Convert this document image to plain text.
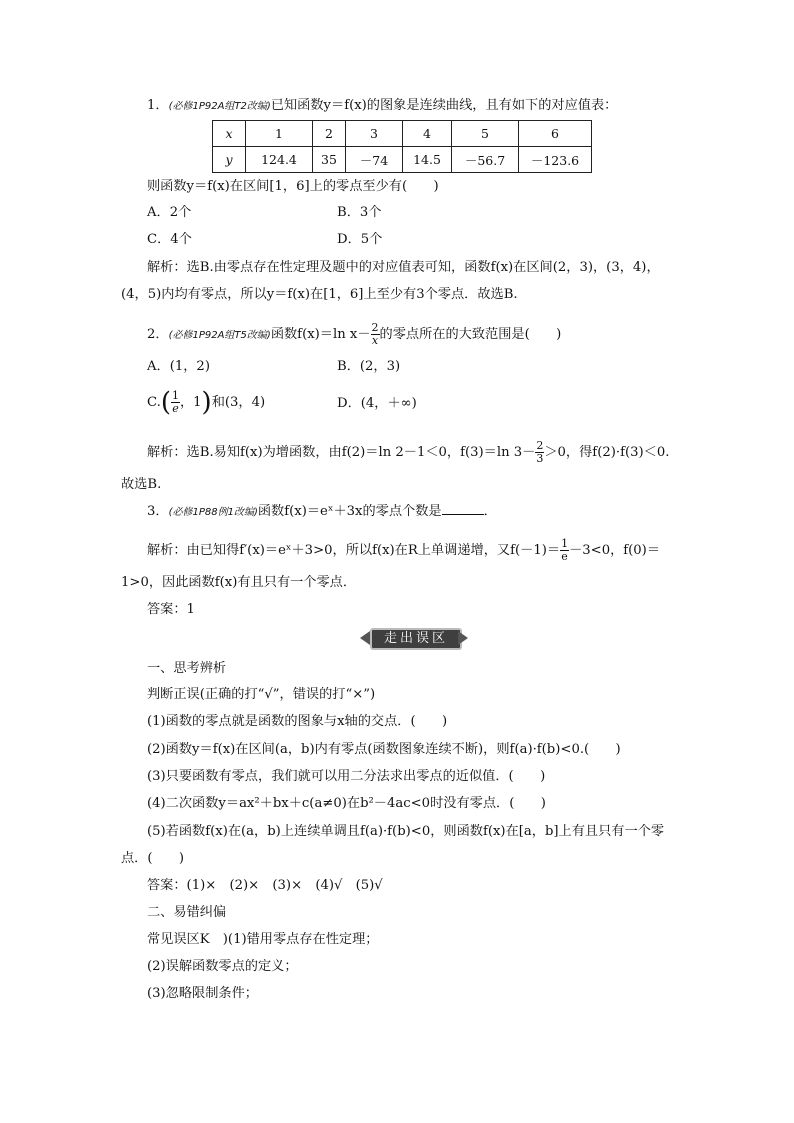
1．(必修1P92A组T2改编)已知函数y＝f(x)的图象是连续曲线，且有如下的对应值表：
x	1	2	3	4	5	6
y	124.4	35	－74	14.5	－56.7	－123.6
则函数y＝f(x)在区间[1，6]上的零点至少有(　　)
A．2个	B．3个
C．4个	D．5个
解析：选B.由零点存在性定理及题中的对应值表可知，函数f(x)在区间(2，3)，(3，4)，
(4，5)内均有零点，所以y＝f(x)在[1，6]上至少有3个零点．故选B.
2．(必修1P92A组T5改编)函数f(x)＝ln $x- \frac{2}{x}$ 的零点所在的大致范围是(　　)
A．(1，2)	B．(2，3)
$C.( \frac{1}{e}$ ，1)和(3，4)	D．(4，＋∞)
解析：选B.易知f(x)为增函数，由f(2)＝ln 2－1＜0，f(3)＝ln $3- \frac{2}{3} >0$，得f(2)·f(3)＜0.
故选B.
3．(必修1P88例1改编)函数f(x)＝eˣ＋3x的零点个数是	．
解析：由已知得f′(x)＝eˣ＋3>0，所以f(x)在R上单调递增，又$f(-1)= \frac{1}{e} -3<0$，f(0)＝
1>0，因此函数f(x)有且只有一个零点．
答案：1
走出误区
一、思考辨析
判断正误(正确的打“√”，错误的打“×”)
(1)函数的零点就是函数的图象与x轴的交点．(　　)
(2)函数y＝f(x)在区间(a，b)内有零点(函数图象连续不断)，则f(a)·f(b)<0.(　　)
(3)只要函数有零点，我们就可以用二分法求出零点的近似值．(　　)
(4)二次函数y＝ax²＋bx＋c(a≠0)在b²－4ac<0时没有零点．(　　)
(5)若函数f(x)在(a，b)上连续单调且f(a)·f(b)<0，则函数f(x)在[a，b]上有且只有一个零
点．(　　)
答案：(1)×　(2)×　(3)×　(4)√　(5)√
二、易错纠偏
常见误区K　)(1)错用零点存在性定理；
(2)误解函数零点的定义；
(3)忽略限制条件；
